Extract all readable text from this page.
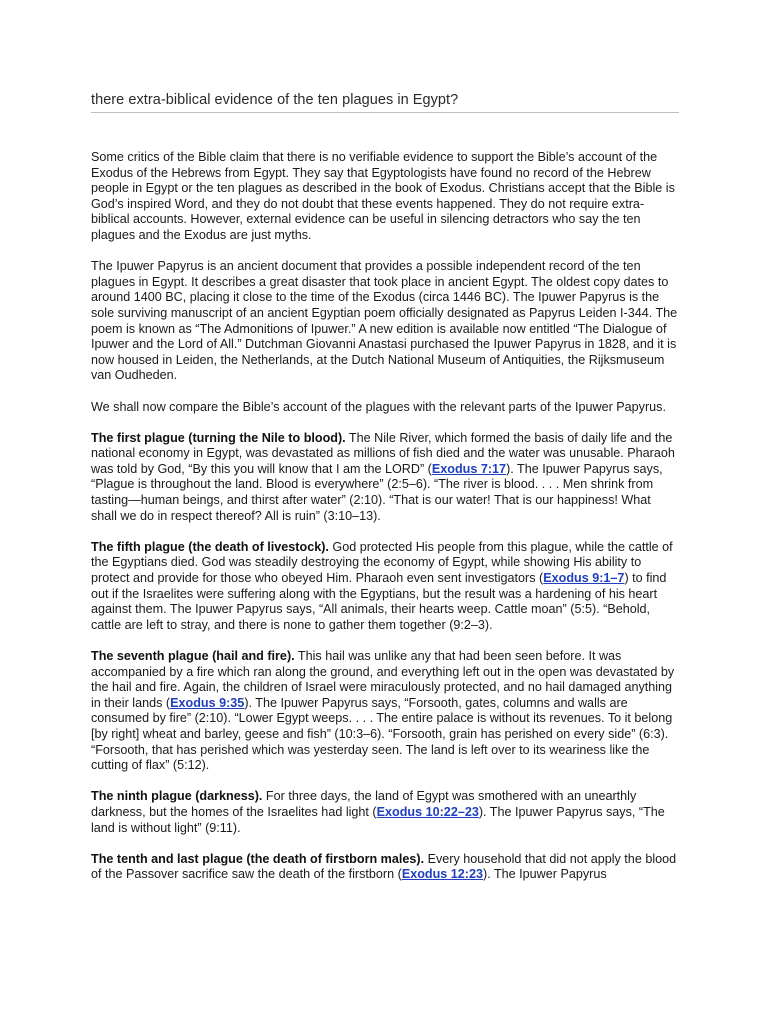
there extra-biblical evidence of the ten plagues in Egypt?

Some critics of the Bible claim that there is no verifiable evidence to support the Bible’s account of the Exodus of the Hebrews from Egypt. They say that Egyptologists have found no record of the Hebrew people in Egypt or the ten plagues as described in the book of Exodus. Christians accept that the Bible is God’s inspired Word, and they do not doubt that these events happened. They do not require extra-biblical accounts. However, external evidence can be useful in silencing detractors who say the ten plagues and the Exodus are just myths.

The Ipuwer Papyrus is an ancient document that provides a possible independent record of the ten plagues in Egypt. It describes a great disaster that took place in ancient Egypt. The oldest copy dates to around 1400 BC, placing it close to the time of the Exodus (circa 1446 BC). The Ipuwer Papyrus is the sole surviving manuscript of an ancient Egyptian poem officially designated as Papyrus Leiden I-344. The poem is known as “The Admonitions of Ipuwer.” A new edition is available now entitled “The Dialogue of Ipuwer and the Lord of All.” Dutchman Giovanni Anastasi purchased the Ipuwer Papyrus in 1828, and it is now housed in Leiden, the Netherlands, at the Dutch National Museum of Antiquities, the Rijksmuseum van Oudheden.

We shall now compare the Bible’s account of the plagues with the relevant parts of the Ipuwer Papyrus.

The first plague (turning the Nile to blood). The Nile River, which formed the basis of daily life and the national economy in Egypt, was devastated as millions of fish died and the water was unusable. Pharaoh was told by God, “By this you will know that I am the LORD” (Exodus 7:17). The Ipuwer Papyrus says, “Plague is throughout the land. Blood is everywhere” (2:5–6). “The river is blood. . . . Men shrink from tasting—human beings, and thirst after water” (2:10). “That is our water! That is our happiness! What shall we do in respect thereof? All is ruin” (3:10–13).

The fifth plague (the death of livestock). God protected His people from this plague, while the cattle of the Egyptians died. God was steadily destroying the economy of Egypt, while showing His ability to protect and provide for those who obeyed Him. Pharaoh even sent investigators (Exodus 9:1–7) to find out if the Israelites were suffering along with the Egyptians, but the result was a hardening of his heart against them. The Ipuwer Papyrus says, “All animals, their hearts weep. Cattle moan” (5:5). “Behold, cattle are left to stray, and there is none to gather them together (9:2–3).

The seventh plague (hail and fire). This hail was unlike any that had been seen before. It was accompanied by a fire which ran along the ground, and everything left out in the open was devastated by the hail and fire. Again, the children of Israel were miraculously protected, and no hail damaged anything in their lands (Exodus 9:35). The Ipuwer Papyrus says, “Forsooth, gates, columns and walls are consumed by fire” (2:10). “Lower Egypt weeps. . . . The entire palace is without its revenues. To it belong [by right] wheat and barley, geese and fish” (10:3–6). “Forsooth, grain has perished on every side” (6:3). “Forsooth, that has perished which was yesterday seen. The land is left over to its weariness like the cutting of flax” (5:12).

The ninth plague (darkness). For three days, the land of Egypt was smothered with an unearthly darkness, but the homes of the Israelites had light (Exodus 10:22–23). The Ipuwer Papyrus says, “The land is without light” (9:11).

The tenth and last plague (the death of firstborn males). Every household that did not apply the blood of the Passover sacrifice saw the death of the firstborn (Exodus 12:23). The Ipuwer Papyrus
